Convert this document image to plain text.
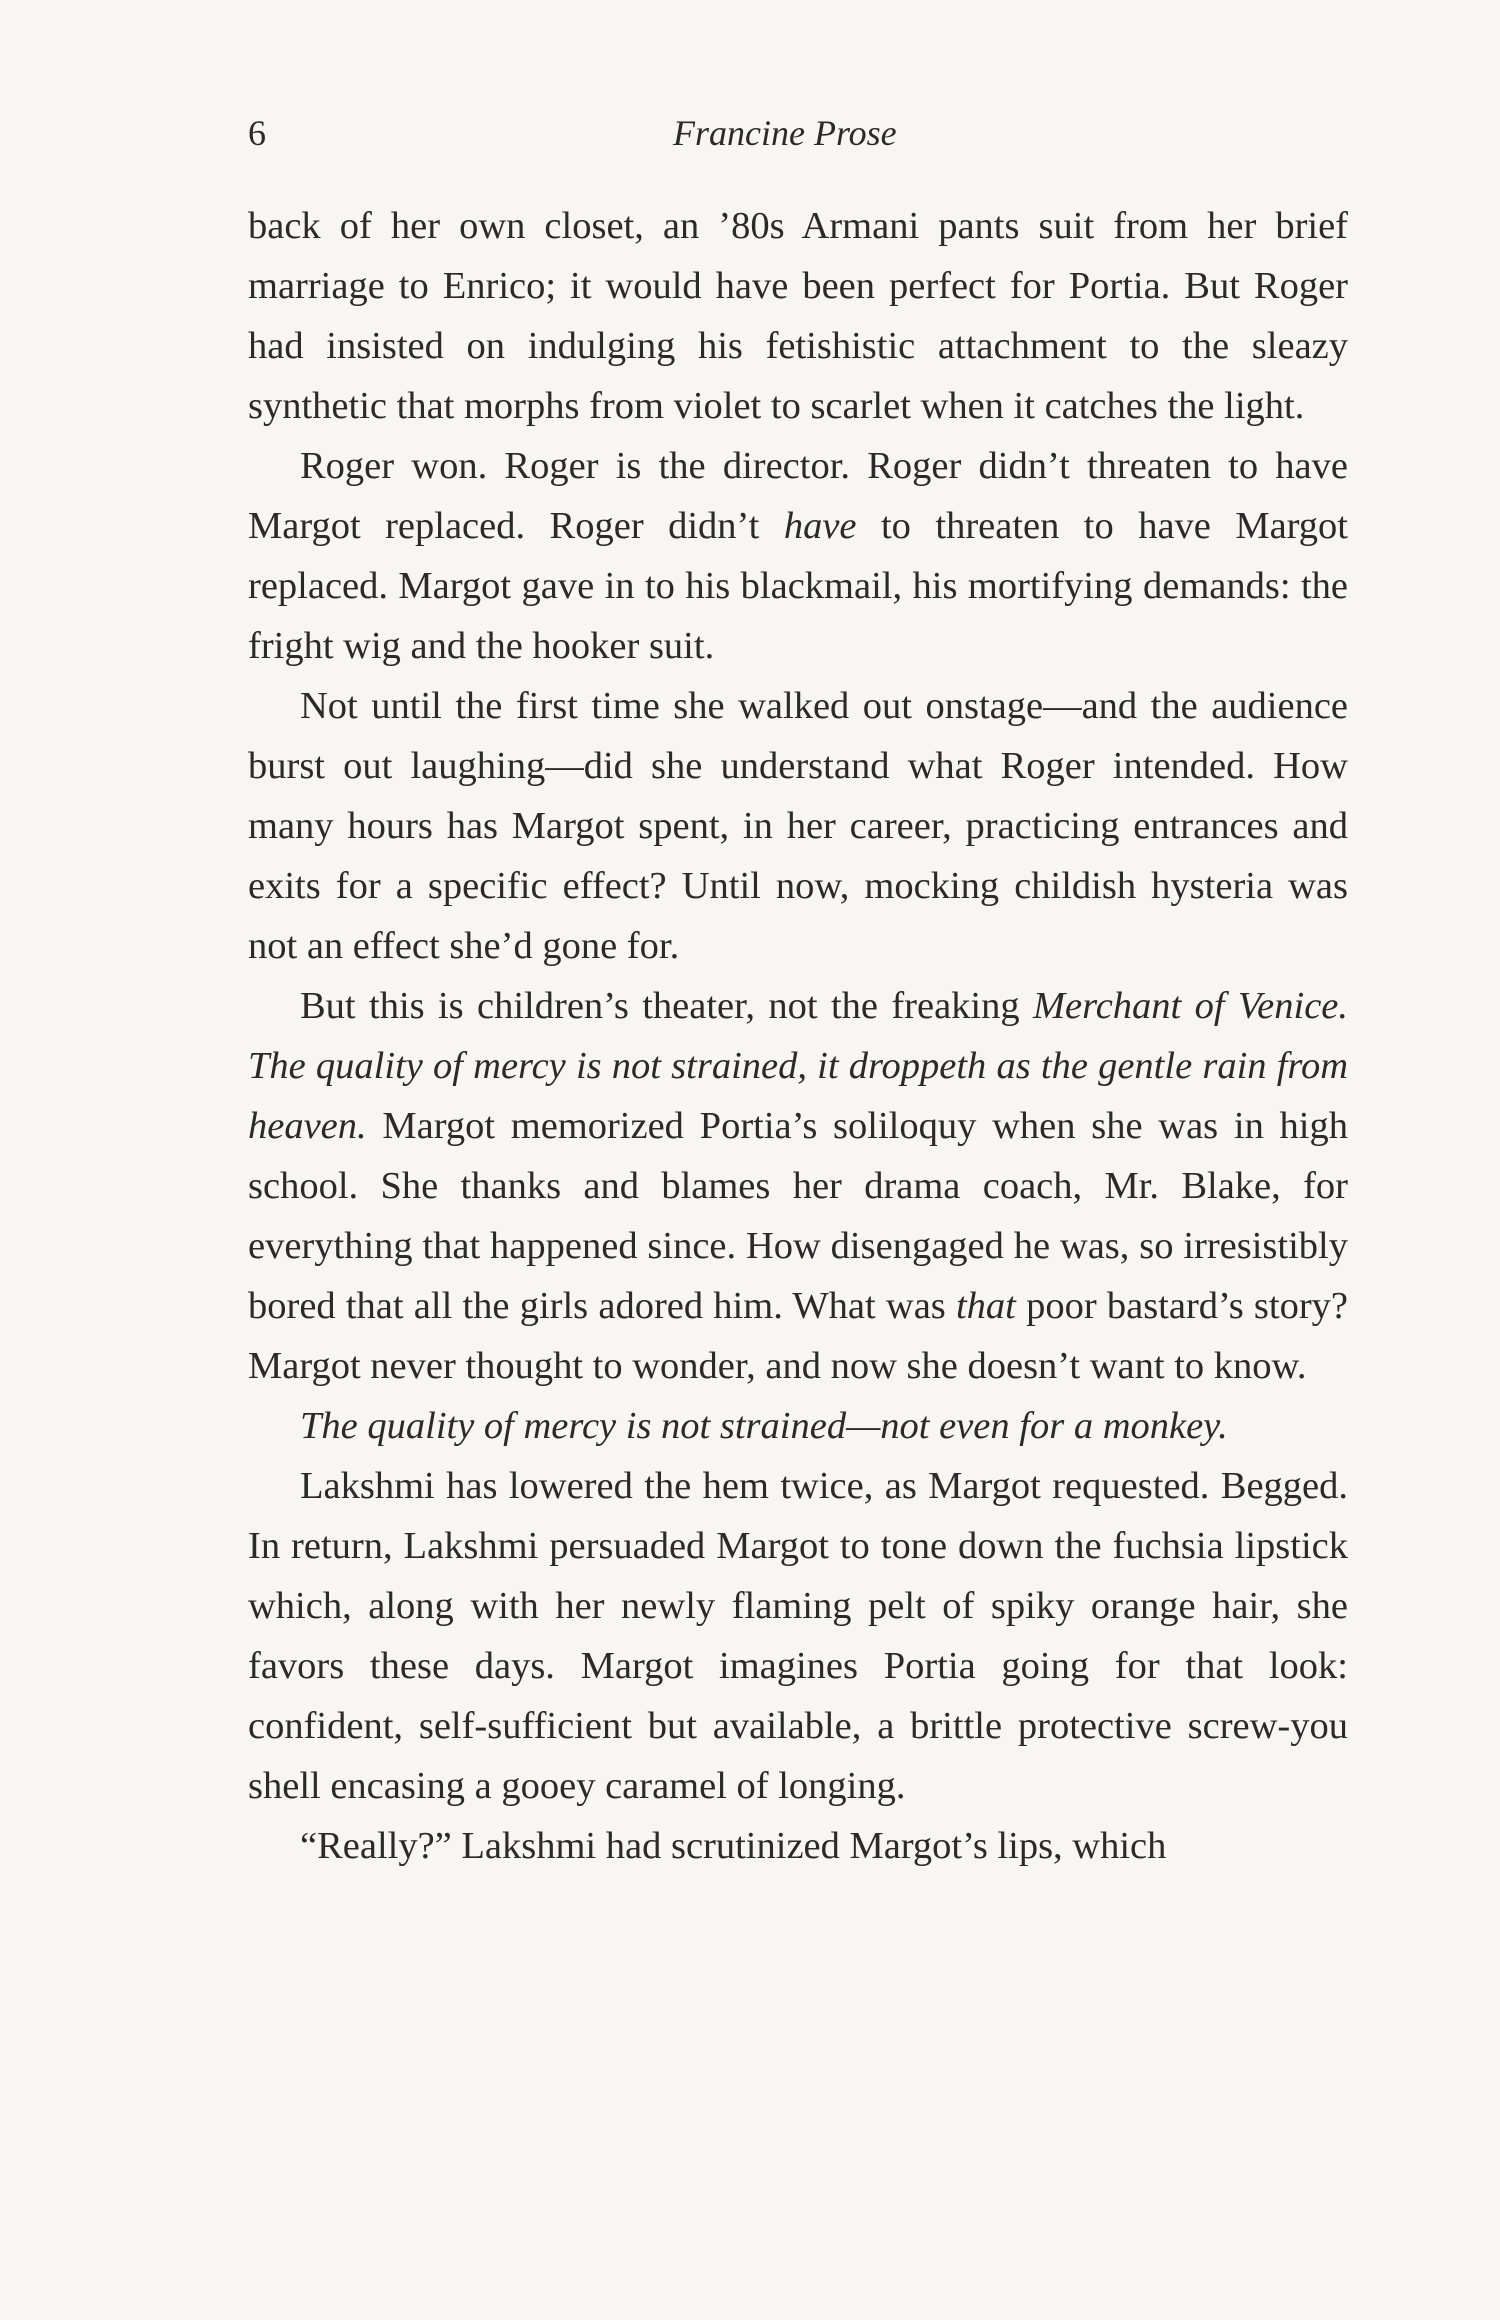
6	Francine Prose

back of her own closet, an ’80s Armani pants suit from her brief marriage to Enrico; it would have been perfect for Portia. But Roger had insisted on indulging his fetishistic attachment to the sleazy synthetic that morphs from violet to scarlet when it catches the light.

Roger won. Roger is the director. Roger didn’t threaten to have Margot replaced. Roger didn’t have to threaten to have Margot replaced. Margot gave in to his blackmail, his mortifying demands: the fright wig and the hooker suit.

Not until the first time she walked out onstage—and the audience burst out laughing—did she understand what Roger intended. How many hours has Margot spent, in her career, practicing entrances and exits for a specific effect? Until now, mocking childish hysteria was not an effect she’d gone for.

But this is children’s theater, not the freaking Merchant of Venice. The quality of mercy is not strained, it droppeth as the gentle rain from heaven. Margot memorized Portia’s soliloquy when she was in high school. She thanks and blames her drama coach, Mr. Blake, for everything that happened since. How disengaged he was, so irresistibly bored that all the girls adored him. What was that poor bastard’s story? Margot never thought to wonder, and now she doesn’t want to know.

The quality of mercy is not strained—not even for a monkey.

Lakshmi has lowered the hem twice, as Margot requested. Begged. In return, Lakshmi persuaded Margot to tone down the fuchsia lipstick which, along with her newly flaming pelt of spiky orange hair, she favors these days. Margot imagines Portia going for that look: confident, self-sufficient but available, a brittle protective screw-you shell encasing a gooey caramel of longing.

“Really?” Lakshmi had scrutinized Margot’s lips, which
